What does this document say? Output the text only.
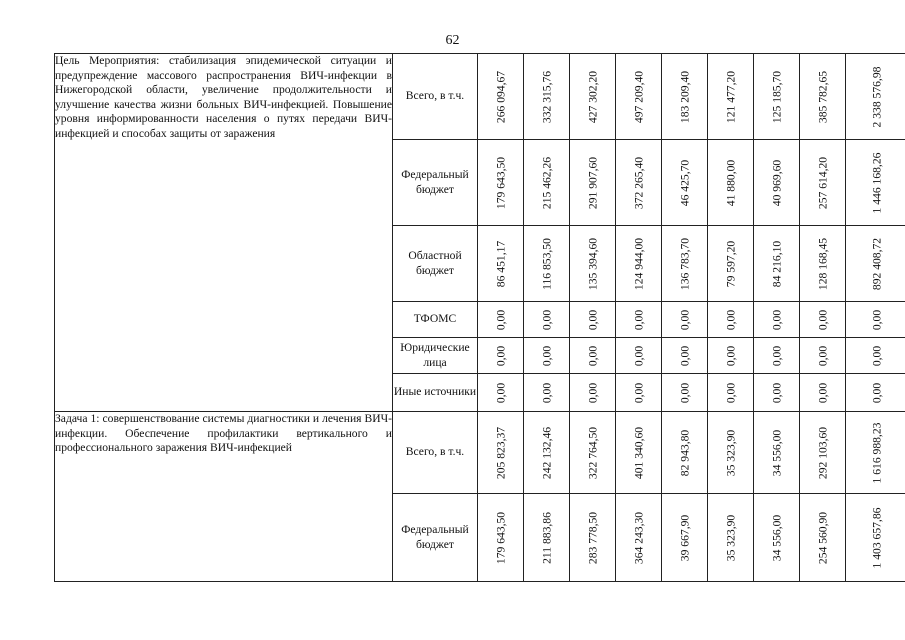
62
Цель Мероприятия: стабилизация эпидемической ситуации и предупреждение массового распространения ВИЧ-инфекции в Нижегородской области, увеличение продолжительности и улучшение качества жизни больных ВИЧ-инфекцией. Повышение уровня информированности населения о путях передачи ВИЧ-инфекцией и способах защиты от заражения	Всего, в т.ч.	266 094,67	332 315,76	427 302,20	497 209,40	183 209,40	121 477,20	125 185,70	385 782,65	2 338 576,98

	Федеральный бюджет	179 643,50	215 462,26	291 907,60	372 265,40	46 425,70	41 880,00	40 969,60	257 614,20	1 446 168,26

	Областной бюджет	86 451,17	116 853,50	135 394,60	124 944,00	136 783,70	79 597,20	84 216,10	128 168,45	892 408,72

	ТФОМС	0,00	0,00	0,00	0,00	0,00	0,00	0,00	0,00	0,00

	Юридические лица	0,00	0,00	0,00	0,00	0,00	0,00	0,00	0,00	0,00

	Иные источники	0,00	0,00	0,00	0,00	0,00	0,00	0,00	0,00	0,00

Задача 1: совершенствование системы диагностики и лечения ВИЧ-инфекции. Обеспечение профилактики вертикального и профессионального заражения ВИЧ-инфекцией	Всего, в т.ч.	205 823,37	242 132,46	322 764,50	401 340,60	82 943,80	35 323,90	34 556,00	292 103,60	1 616 988,23

	Федеральный бюджет	179 643,50	211 883,86	283 778,50	364 243,30	39 667,90	35 323,90	34 556,00	254 560,90	1 403 657,86
